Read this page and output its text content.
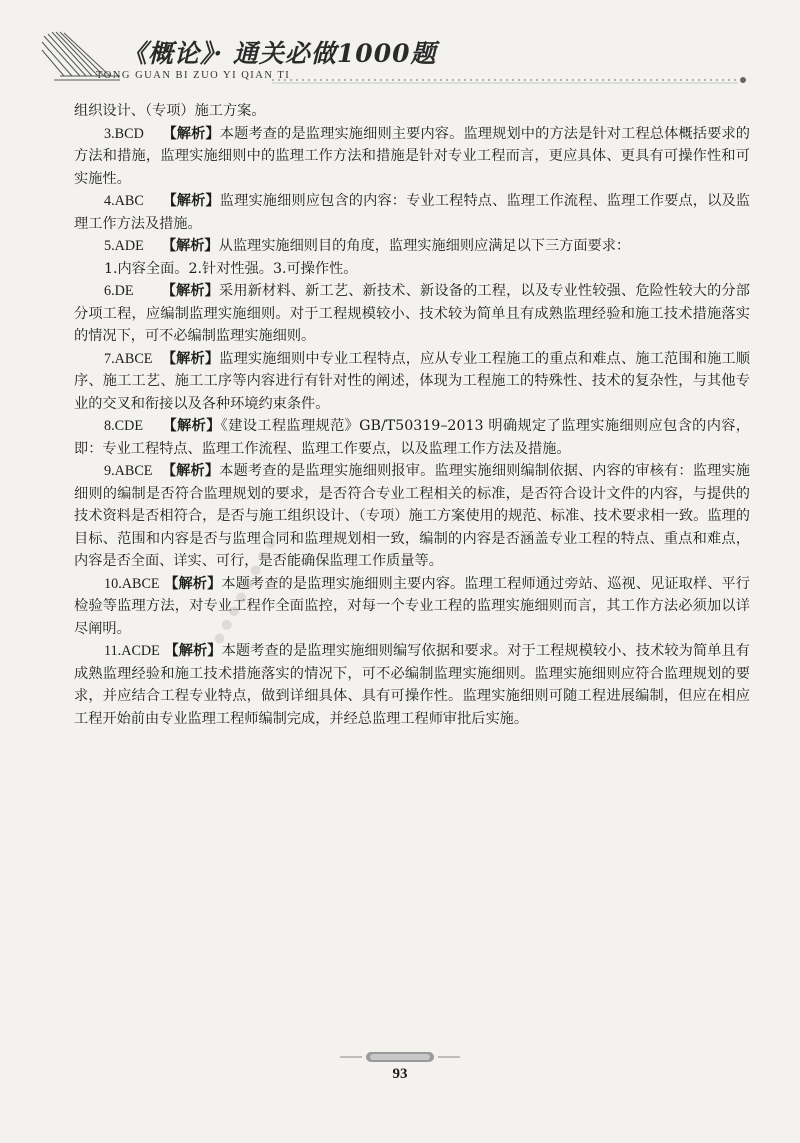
《概论》· 通关必做1000题
TONG GUAN BI ZUO YI QIAN TI

组织设计、（专项）施工方案。

3.BCD 【解析】本题考查的是监理实施细则主要内容。监理规划中的方法是针对工程总体概括要求的方法和措施，监理实施细则中的监理工作方法和措施是针对专业工程而言，更应具体、更具有可操作性和可实施性。

4.ABC 【解析】监理实施细则应包含的内容：专业工程特点、监理工作流程、监理工作要点，以及监理工作方法及措施。

5.ADE 【解析】从监理实施细则目的角度，监理实施细则应满足以下三方面要求：

1.内容全面。2.针对性强。3.可操作性。

6.DE 【解析】采用新材料、新工艺、新技术、新设备的工程，以及专业性较强、危险性较大的分部分项工程，应编制监理实施细则。对于工程规模较小、技术较为简单且有成熟监理经验和施工技术措施落实的情况下，可不必编制监理实施细则。

7.ABCE 【解析】监理实施细则中专业工程特点，应从专业工程施工的重点和难点、施工范围和施工顺序、施工工艺、施工工序等内容进行有针对性的阐述，体现为工程施工的特殊性、技术的复杂性，与其他专业的交叉和衔接以及各种环境约束条件。

8.CDE 【解析】《建设工程监理规范》GB/T50319–2013 明确规定了监理实施细则应包含的内容，即：专业工程特点、监理工作流程、监理工作要点，以及监理工作方法及措施。

9.ABCE 【解析】本题考查的是监理实施细则报审。监理实施细则编制依据、内容的审核有：监理实施细则的编制是否符合监理规划的要求，是否符合专业工程相关的标准，是否符合设计文件的内容，与提供的技术资料是否相符合，是否与施工组织设计、（专项）施工方案使用的规范、标准、技术要求相一致。监理的目标、范围和内容是否与监理合同和监理规划相一致，编制的内容是否涵盖专业工程的特点、重点和难点，内容是否全面、详实、可行，是否能确保监理工作质量等。

10.ABCE 【解析】本题考查的是监理实施细则主要内容。监理工程师通过旁站、巡视、见证取样、平行检验等监理方法，对专业工程作全面监控，对每一个专业工程的监理实施细则而言，其工作方法必须加以详尽阐明。

11.ACDE 【解析】本题考查的是监理实施细则编写依据和要求。对于工程规模较小、技术较为简单且有成熟监理经验和施工技术措施落实的情况下，可不必编制监理实施细则。监理实施细则应符合监理规划的要求，并应结合工程专业特点，做到详细具体、具有可操作性。监理实施细则可随工程进展编制，但应在相应工程开始前由专业监理工程师编制完成，并经总监理工程师审批后实施。

● ● ● ● ● ● ● ●
93
